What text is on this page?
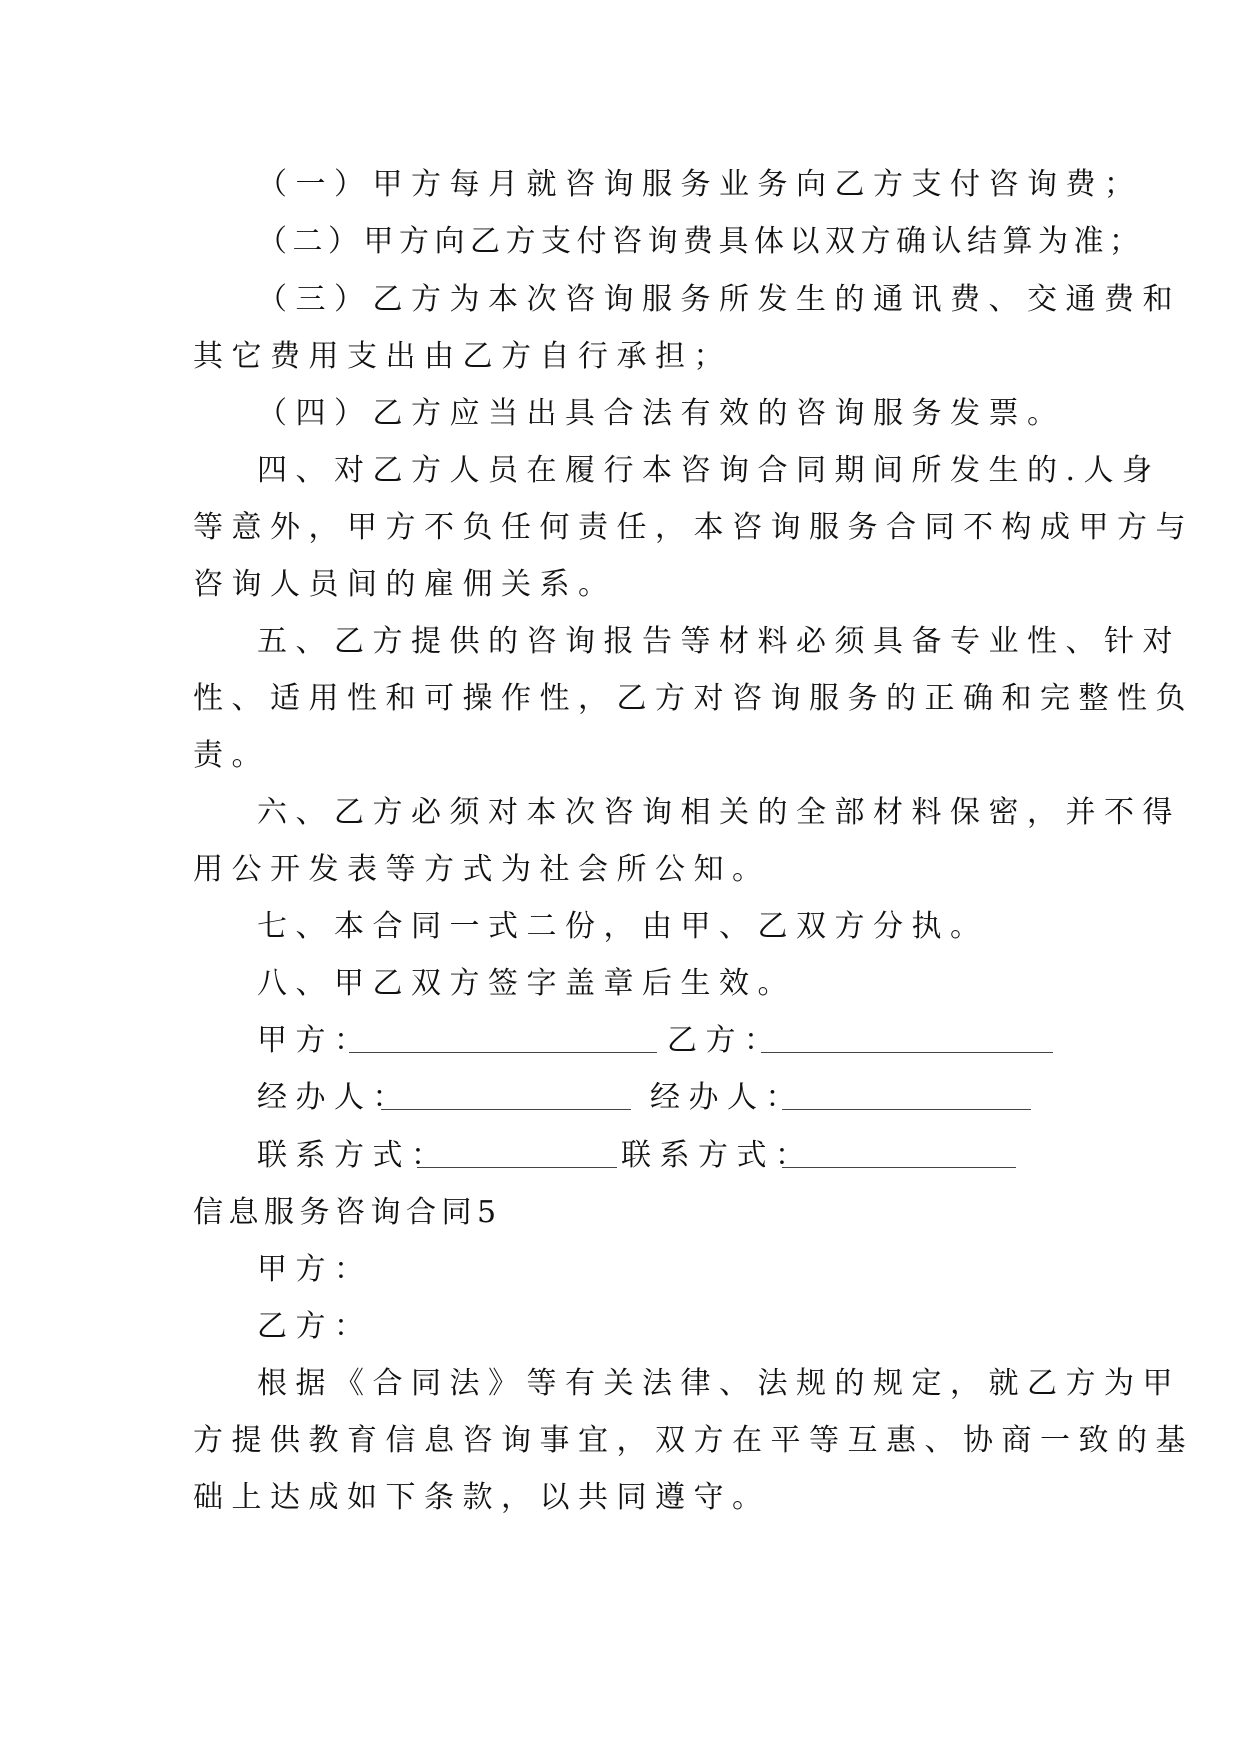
（一）甲方每月就咨询服务业务向乙方支付咨询费；
（二）甲方向乙方支付咨询费具体以双方确认结算为准；
（三）乙方为本次咨询服务所发生的通讯费、交通费和
其它费用支出由乙方自行承担；
（四）乙方应当出具合法有效的咨询服务发票。
四、对乙方人员在履行本咨询合同期间所发生的.人身
等意外，甲方不负任何责任，本咨询服务合同不构成甲方与
咨询人员间的雇佣关系。
五、乙方提供的咨询报告等材料必须具备专业性、针对
性、适用性和可操作性，乙方对咨询服务的正确和完整性负
责。
六、乙方必须对本次咨询相关的全部材料保密，并不得
用公开发表等方式为社会所公知。
七、本合同一式二份，由甲、乙双方分执。
八、甲乙双方签字盖章后生效。
甲方：	乙方：
经办人：	经办人：
联系方式：	联系方式：
信息服务咨询合同5
甲方：
乙方：
根据《合同法》等有关法律、法规的规定，就乙方为甲
方提供教育信息咨询事宜，双方在平等互惠、协商一致的基
础上达成如下条款，以共同遵守。
